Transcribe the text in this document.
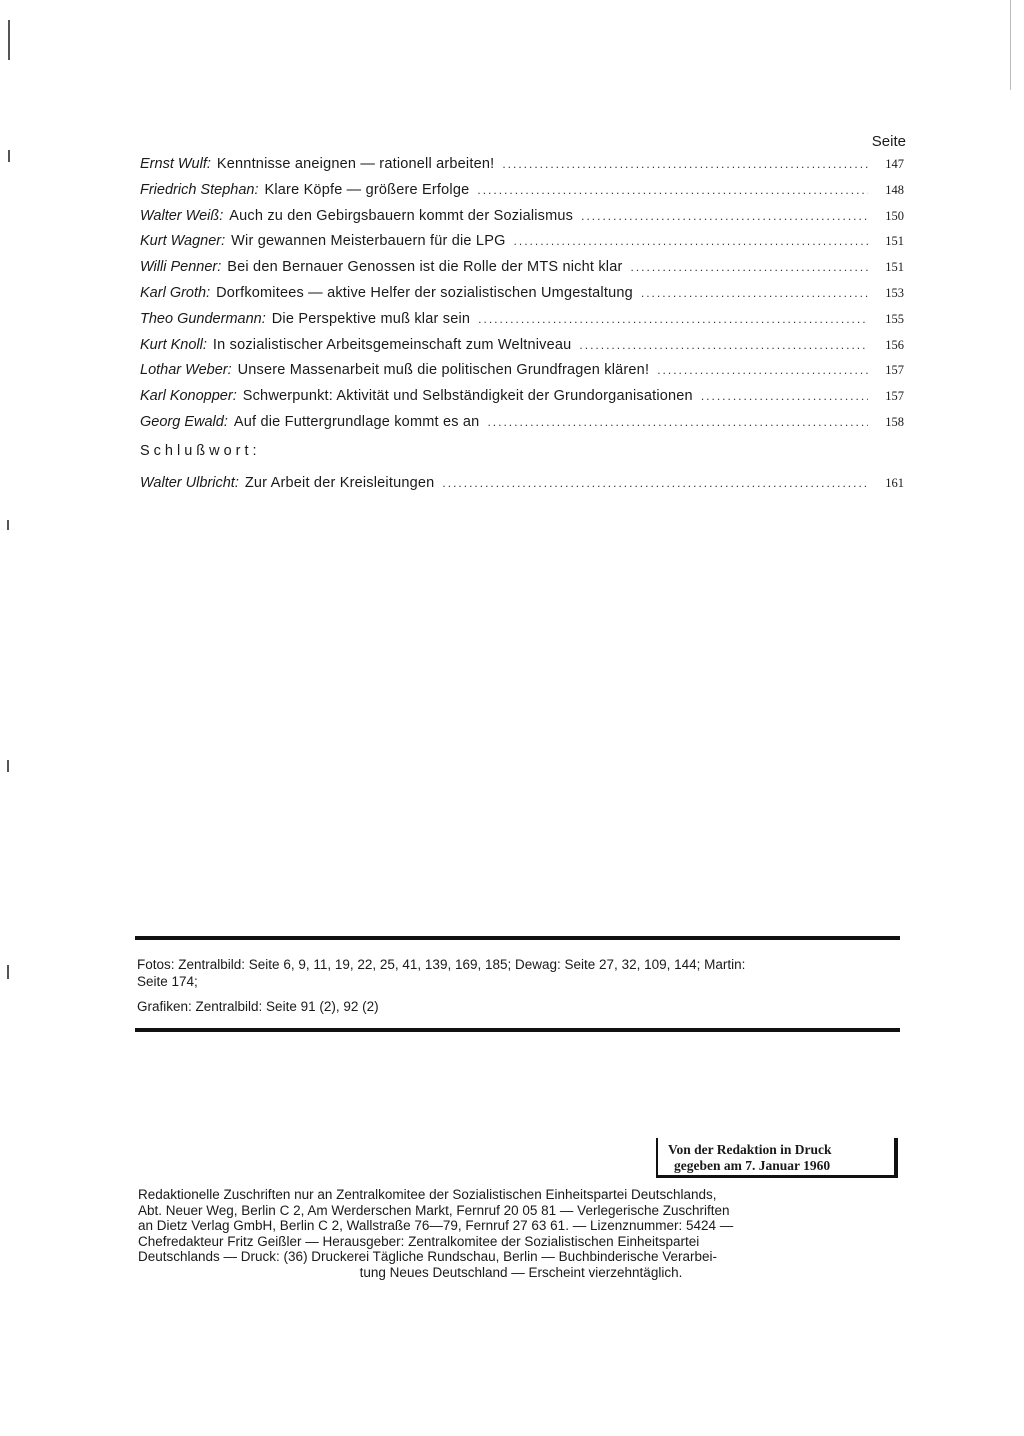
Seite
Ernst Wulf : Kenntnisse aneignen — rationell arbeiten! .....	147
Friedrich Stephan : Klare Köpfe — größere Erfolge .....	148
Walter Weiß : Auch zu den Gebirgsbauern kommt der Sozialismus .....	150
Kurt Wagner : Wir gewannen Meisterbauern für die LPG .....	151
Willi Penner : Bei den Bernauer Genossen ist die Rolle der MTS nicht klar .....	151
Karl Groth : Dorfkomitees — aktive Helfer der sozialistischen Umgestaltung .....	153
Theo Gundermann : Die Perspektive muß klar sein .....	155
Kurt Knoll : In sozialistischer Arbeitsgemeinschaft zum Weltniveau .....	156
Lothar Weber : Unsere Massenarbeit muß die politischen Grundfragen klären! .....	157
Karl Konopper : Schwerpunkt: Aktivität und Selbständigkeit der Grundorganisationen .....	157
Georg Ewald : Auf die Futtergrundlage kommt es an .....	158
Schlußwort:
Walter Ulbricht : Zur Arbeit der Kreisleitungen .....	161
Fotos: Zentralbild: Seite 6, 9, 11, 19, 22, 25, 41, 139, 169, 185; Dewag: Seite 27, 32, 109, 144; Martin:
Seite 174;
Grafiken: Zentralbild: Seite 91 (2), 92 (2)
Von der Redaktion in Druck
gegeben am 7. Januar 1960
Redaktionelle Zuschriften nur an Zentralkomitee der Sozialistischen Einheitspartei Deutschlands,
Abt. Neuer Weg, Berlin C 2, Am Werderschen Markt, Fernruf 20 05 81 — Verlegerische Zuschriften
an Dietz Verlag GmbH, Berlin C 2, Wallstraße 76—79, Fernruf 27 63 61. — Lizenznummer: 5424 —
Chefredakteur Fritz Geißler — Herausgeber: Zentralkomitee der Sozialistischen Einheitspartei
Deutschlands — Druck: (36) Druckerei Tägliche Rundschau, Berlin — Buchbinderische Verarbei-
tung Neues Deutschland — Erscheint vierzehntäglich.
